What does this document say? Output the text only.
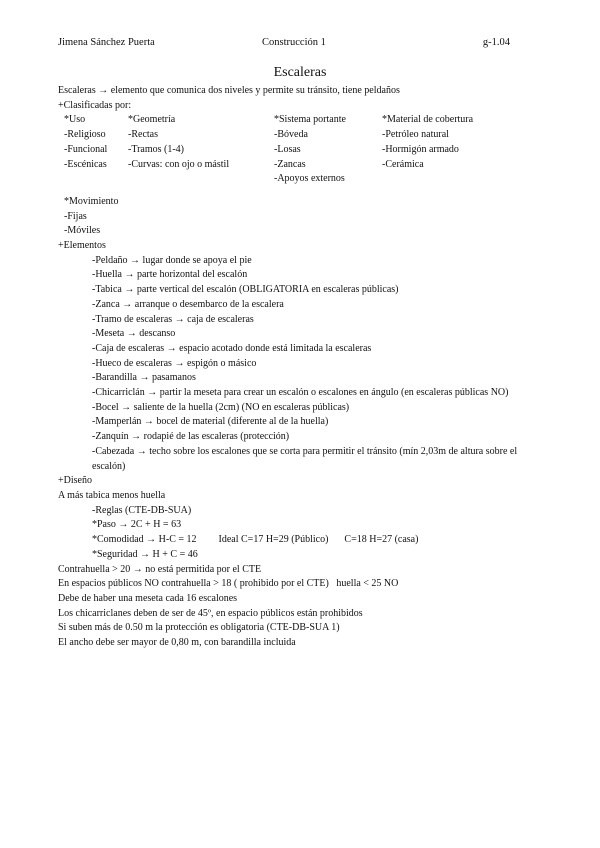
Jimena Sánchez Puerta	Construcción 1	g-1.04
Escaleras
Escaleras → elemento que comunica dos niveles y permite su tránsito, tiene peldaños
+Clasificadas por:
*Uso	*Geometría	*Sistema portante	*Material de cobertura
-Religioso	-Rectas	-Bóveda	-Petróleo natural
-Funcional	-Tramos (1-4)	-Losas	-Hormigón armado
-Escénicas	-Curvas: con ojo o mástil	-Zancas	-Cerámica
		-Apoyos externos	
*Movimiento
-Fijas
-Móviles
+Elementos
-Peldaño → lugar donde se apoya el pie
-Huella → parte horizontal del escalón
-Tabica → parte vertical del escalón (OBLIGATORIA en escaleras públicas)
-Zanca → arranque o desembarco de la escalera
-Tramo de escaleras → caja de escaleras
-Meseta → descanso
-Caja de escaleras → espacio acotado donde está limitada la escaleras
-Hueco de escaleras → espigón o másico
-Barandilla → pasamanos
-Chicarriclán → partir la meseta para crear un escalón o escalones en ángulo (en escaleras públicas NO)
-Bocel → saliente de la huella (2cm) (NO en escaleras públicas)
-Mamperlán → bocel de material (diferente al de la huella)
-Zanquín → rodapié de las escaleras (protección)
-Cabezada → techo sobre los escalones que se corta para permitir el tránsito (mín 2,03m de altura sobre el escalón)
+Diseño
A más tabica menos huella
-Reglas (CTE-DB-SUA)
*Paso → 2C + H = 63
*Comodidad → H-C = 12 Ideal C=17 H=29 (Público) C=18 H=27 (casa)
*Seguridad → H + C = 46
Contrahuella > 20 → no está permitida por el CTE
En espacios públicos NO contrahuella > 18 ( prohibido por el CTE) huella < 25 NO
Debe de haber una meseta cada 16 escalones
Los chicarriclanes deben de ser de 45º, en espacio públicos están prohibidos
Si suben más de 0.50 m la protección es obligatoria (CTE-DB-SUA 1)
El ancho debe ser mayor de 0,80 m, con barandilla incluida
